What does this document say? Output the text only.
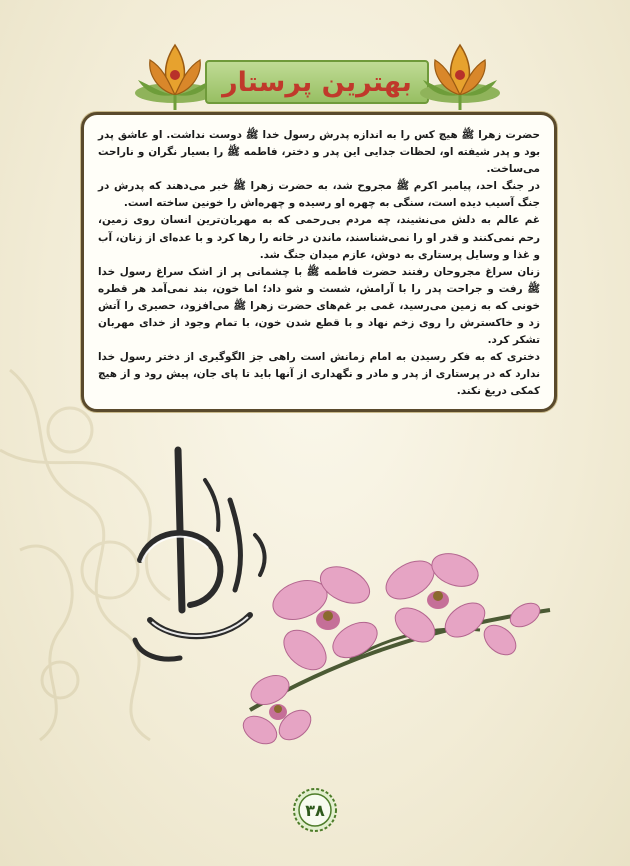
بهترین پرستار

حضرت زهرا ﷺ هیچ کس را به اندازه پدرش رسول خدا ﷺ دوست نداشت. او عاشق پدر بود و پدر شیفته او، لحظات جدایی این پدر و دختر، فاطمه ﷺ را بسیار نگران و ناراحت می‌ساخت.

در جنگ احد، پیامبر اکرم ﷺ مجروح شد، به حضرت زهرا ﷺ خبر می‌دهند که پدرش در جنگ آسیب دیده است، سنگی به چهره او رسیده و چهره‌اش را خونین ساخته است.

غم عالم به دلش می‌نشیند، چه مردم بی‌رحمی که به مهربان‌ترین انسان روی زمین، رحم نمی‌کنند و قدر او را نمی‌شناسند، ماندن در خانه را رها کرد و با عده‌ای از زنان، آب و غذا و وسایل پرستاری به دوش، عازم میدان جنگ شد.

زنان سراغ مجروحان رفتند حضرت فاطمه ﷺ با چشمانی پر از اشک سراغ رسول خدا ﷺ رفت و جراحت پدر را با آرامش، شست و شو داد؛ اما خون، بند نمی‌آمد هر قطره خونی که به زمین می‌رسید، غمی بر غم‌های حضرت زهرا ﷺ می‌افزود، حصیری را آتش زد و خاکسترش را روی زخم نهاد و با قطع شدن خون، با تمام وجود از خدای مهربان تشکر کرد.

دختری که به فکر رسیدن به امام زمانش است راهی جز الگوگیری از دختر رسول خدا ندارد که در پرستاری از پدر و مادر و نگهداری از آنها باید تا پای جان، پیش رود و از هیچ کمکی دریغ نکند.

۳۸
